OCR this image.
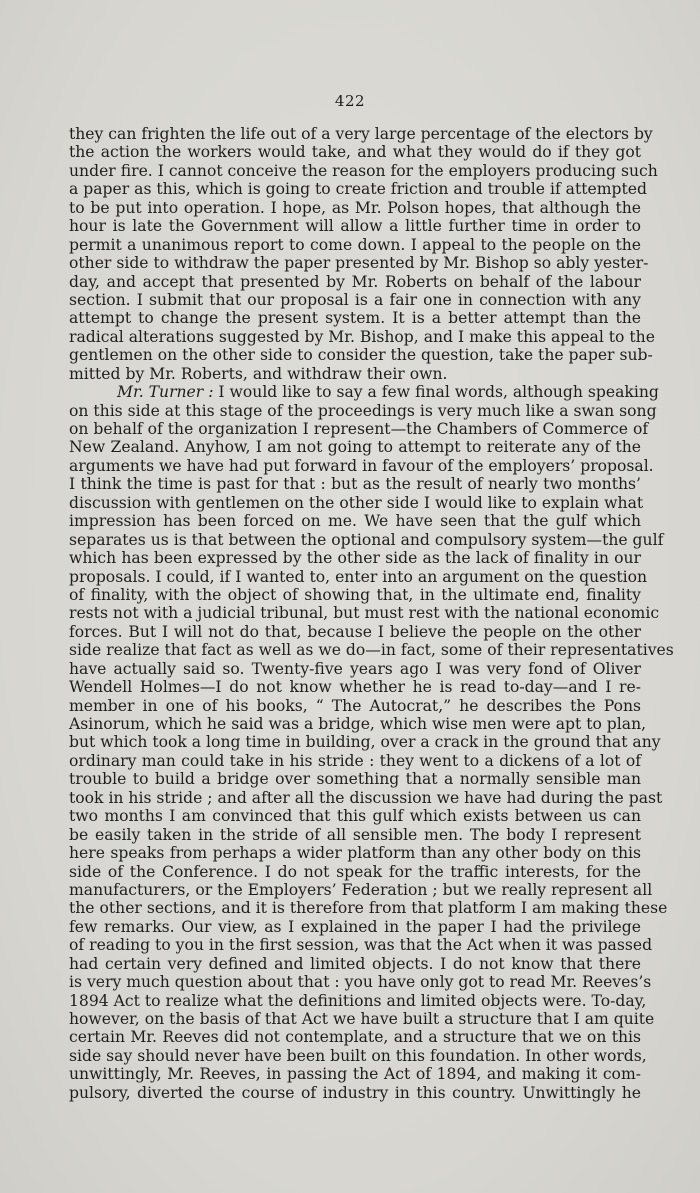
422
they can frighten the life out of a very large percentage of the electors by
the action the workers would take, and what they would do if they got
under fire. I cannot conceive the reason for the employers producing such
a paper as this, which is going to create friction and trouble if attempted
to be put into operation. I hope, as Mr. Polson hopes, that although the
hour is late the Government will allow a little further time in order to
permit a unanimous report to come down. I appeal to the people on the
other side to withdraw the paper presented by Mr. Bishop so ably yester-
day, and accept that presented by Mr. Roberts on behalf of the labour
section. I submit that our proposal is a fair one in connection with any
attempt to change the present system. It is a better attempt than the
radical alterations suggested by Mr. Bishop, and I make this appeal to the
gentlemen on the other side to consider the question, take the paper sub-
mitted by Mr. Roberts, and withdraw their own.
Mr. Turner : I would like to say a few final words, although speaking
on this side at this stage of the proceedings is very much like a swan song
on behalf of the organization I represent—the Chambers of Commerce of
New Zealand. Anyhow, I am not going to attempt to reiterate any of the
arguments we have had put forward in favour of the employers’ proposal.
I think the time is past for that : but as the result of nearly two months’
discussion with gentlemen on the other side I would like to explain what
impression has been forced on me. We have seen that the gulf which
separates us is that between the optional and compulsory system—the gulf
which has been expressed by the other side as the lack of finality in our
proposals. I could, if I wanted to, enter into an argument on the question
of finality, with the object of showing that, in the ultimate end, finality
rests not with a judicial tribunal, but must rest with the national economic
forces. But I will not do that, because I believe the people on the other
side realize that fact as well as we do—in fact, some of their representatives
have actually said so. Twenty-five years ago I was very fond of Oliver
Wendell Holmes—I do not know whether he is read to-day—and I re-
member in one of his books, “ The Autocrat,” he describes the Pons
Asinorum, which he said was a bridge, which wise men were apt to plan,
but which took a long time in building, over a crack in the ground that any
ordinary man could take in his stride : they went to a dickens of a lot of
trouble to build a bridge over something that a normally sensible man
took in his stride ; and after all the discussion we have had during the past
two months I am convinced that this gulf which exists between us can
be easily taken in the stride of all sensible men. The body I represent
here speaks from perhaps a wider platform than any other body on this
side of the Conference. I do not speak for the traffic interests, for the
manufacturers, or the Employers’ Federation ; but we really represent all
the other sections, and it is therefore from that platform I am making these
few remarks. Our view, as I explained in the paper I had the privilege
of reading to you in the first session, was that the Act when it was passed
had certain very defined and limited objects. I do not know that there
is very much question about that : you have only got to read Mr. Reeves’s
1894 Act to realize what the definitions and limited objects were. To-day,
however, on the basis of that Act we have built a structure that I am quite
certain Mr. Reeves did not contemplate, and a structure that we on this
side say should never have been built on this foundation. In other words,
unwittingly, Mr. Reeves, in passing the Act of 1894, and making it com-
pulsory, diverted the course of industry in this country. Unwittingly he
